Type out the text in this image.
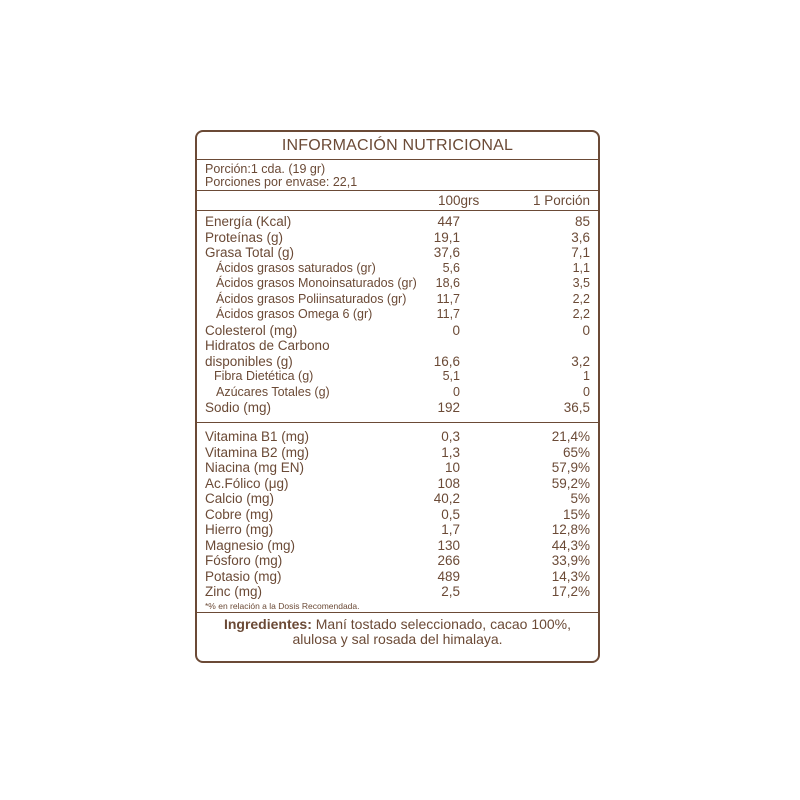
INFORMACIÓN NUTRICIONAL
Porción:1 cda. (19 gr)
Porciones por envase: 22,1
100grs	1 Porción
Energía (Kcal)	447	85
Proteínas (g)	19,1	3,6
Grasa Total (g)	37,6	7,1
Ácidos grasos saturados (gr)	5,6	1,1
Ácidos grasos Monoinsaturados (gr) 18,6	3,5
Ácidos grasos Poliinsaturados (gr) 11,7	2,2
Ácidos grasos Omega 6 (gr)	11,7	2,2
Colesterol (mg)	0	0
Hidratos de Carbono
disponibles (g)	16,6	3,2
Fibra Dietética (g)	5,1	1
Azúcares Totales (g)	0	0
Sodio (mg)	192	36,5
Vitamina B1 (mg)	0,3	21,4%
Vitamina B2 (mg)	1,3	65%
Niacina (mg EN)	10	57,9%
Ac.Fólico (μg)	108	59,2%
Calcio (mg)	40,2	5%
Cobre (mg)	0,5	15%
Hierro (mg)	1,7	12,8%
Magnesio (mg)	130	44,3%
Fósforo (mg)	266	33,9%
Potasio (mg)	489	14,3%
Zinc (mg)	2,5	17,2%
*% en relación a la Dosis Recomendada.
Ingredientes: Maní tostado seleccionado, cacao 100%,
alulosa y sal rosada del himalaya.
